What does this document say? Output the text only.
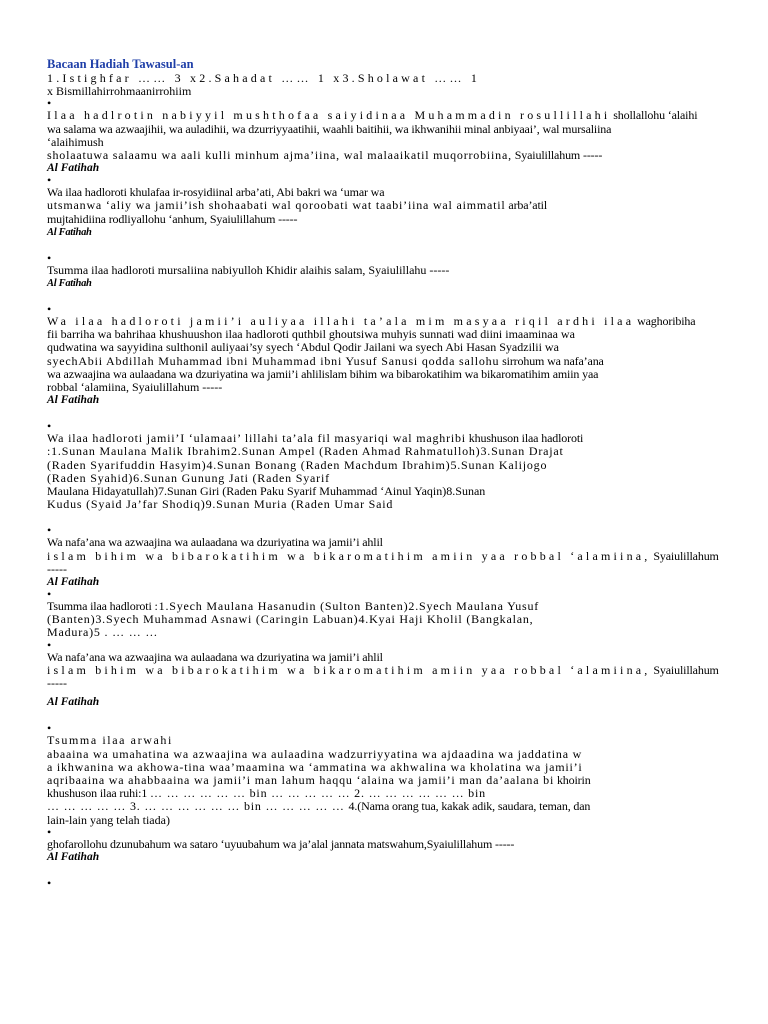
Bacaan Hadiah Tawasul-an

1.Istighfar …… 3 x2.Sahadat …… 1 x3.Sholawat …… 1

x Bismillahirrohmaanirrohiim

•

Ilaa hadlrotin nabiyyil mushthofaa saiyidinaa Muhammadin rosullillahi shollallohu ‘alaihi

wa salama wa azwaajihii, wa auladihii, wa dzurriyyaatihii, waahli baitihii, wa ikhwanihii minal anbiyaai’, wal mursaliina

‘alaihimush

sholaatuwa salaamu wa aali kulli minhum ajma’iina, wal malaaikatil muqorrobiina, Syaiulillahum -----

Al Fatihah

•

Wa ilaa hadloroti khulafaa ir-rosyidiinal arba’ati, Abi bakri wa ‘umar wa

utsmanwa ‘aliy wa jamii’ish shohaabati wal qoroobati wat taabi’iina wal aimmatil arba’atil

mujtahidiina rodliyallohu ‘anhum, Syaiulillahum -----

Al Fatihah

•

Tsumma ilaa hadloroti mursaliina nabiyulloh Khidir alaihis salam, Syaiulillahu -----

Al Fatihah

•

Wa ilaa hadloroti jamii’i auliyaa illahi ta’ala mim masyaa riqil ardhi ilaa waghoribiha

fii barriha wa bahrihaa khushuushon ilaa hadloroti quthbil ghoutsiwa muhyis sunnati wad diini imaaminaa wa

qudwatina wa sayyidina sulthonil auliyaai’sy syech ‘Abdul Qodir Jailani wa syech Abi Hasan Syadzilii wa

syechAbii Abdillah Muhammad ibni Muhammad ibni Yusuf Sanusi qodda sallohu sirrohum wa nafa’ana

wa azwaajina wa aulaadana wa dzuriyatina wa jamii’i ahlilislam bihim wa bibarokatihim wa bikaromatihim amiin yaa

robbal ‘alamiina, Syaiulillahum -----

Al Fatihah

•

Wa ilaa hadloroti jamii’I ‘ulamaai’ lillahi ta’ala fil masyariqi wal maghribi khushuson ilaa hadloroti

:1.Sunan Maulana Malik Ibrahim2.Sunan Ampel (Raden Ahmad Rahmatulloh)3.Sunan Drajat

(Raden Syarifuddin Hasyim)4.Sunan Bonang (Raden Machdum Ibrahim)5.Sunan Kalijogo

(Raden Syahid)6.Sunan Gunung Jati (Raden Syarif

Maulana Hidayatullah)7.Sunan Giri (Raden Paku Syarif Muhammad ‘Ainul Yaqin)8.Sunan

Kudus (Syaid Ja’far Shodiq)9.Sunan Muria (Raden Umar Said

•

Wa nafa’ana wa azwaajina wa aulaadana wa dzuriyatina wa jamii’i ahlil

islam bihim wa bibarokatihim wa bikaromatihim amiin yaa robbal ‘alamiina, Syaiulillahum

-----

Al Fatihah

•

Tsumma ilaa hadloroti :1.Syech Maulana Hasanudin (Sulton Banten)2.Syech Maulana Yusuf

(Banten)3.Syech Muhammad Asnawi (Caringin Labuan)4.Kyai Haji Kholil (Bangkalan,

Madura)5 . … … …

•

Wa nafa’ana wa azwaajina wa aulaadana wa dzuriyatina wa jamii’i ahlil

islam bihim wa bibarokatihim wa bikaromatihim amiin yaa robbal ‘alamiina, Syaiulillahum

-----

Al Fatihah

•

Tsumma ilaa arwahi

abaaina wa umahatina wa azwaajina wa aulaadina wadzurriyyatina wa ajdaadina wa jaddatina w

a ikhwanina wa akhowa-tina waa’maamina wa ‘ammatina wa akhwalina wa kholatina wa jamii’i

aqribaaina wa ahabbaaina wa jamii’i man lahum haqqu ‘alaina wa jamii’i man da’aalana bi khoirin

khushuson ilaa ruhi:1 … … … … … … bin … … … … … 2. … … … … … … bin

… … … … … 3. … … … … … … bin … … … … … 4.(Nama orang tua, kakak adik, saudara, teman, dan

lain-lain yang telah tiada)

•

ghofarollohu dzunubahum wa sataro ‘uyuubahum wa ja’alal jannata matswahum,Syaiulillahum -----

Al Fatihah

•
